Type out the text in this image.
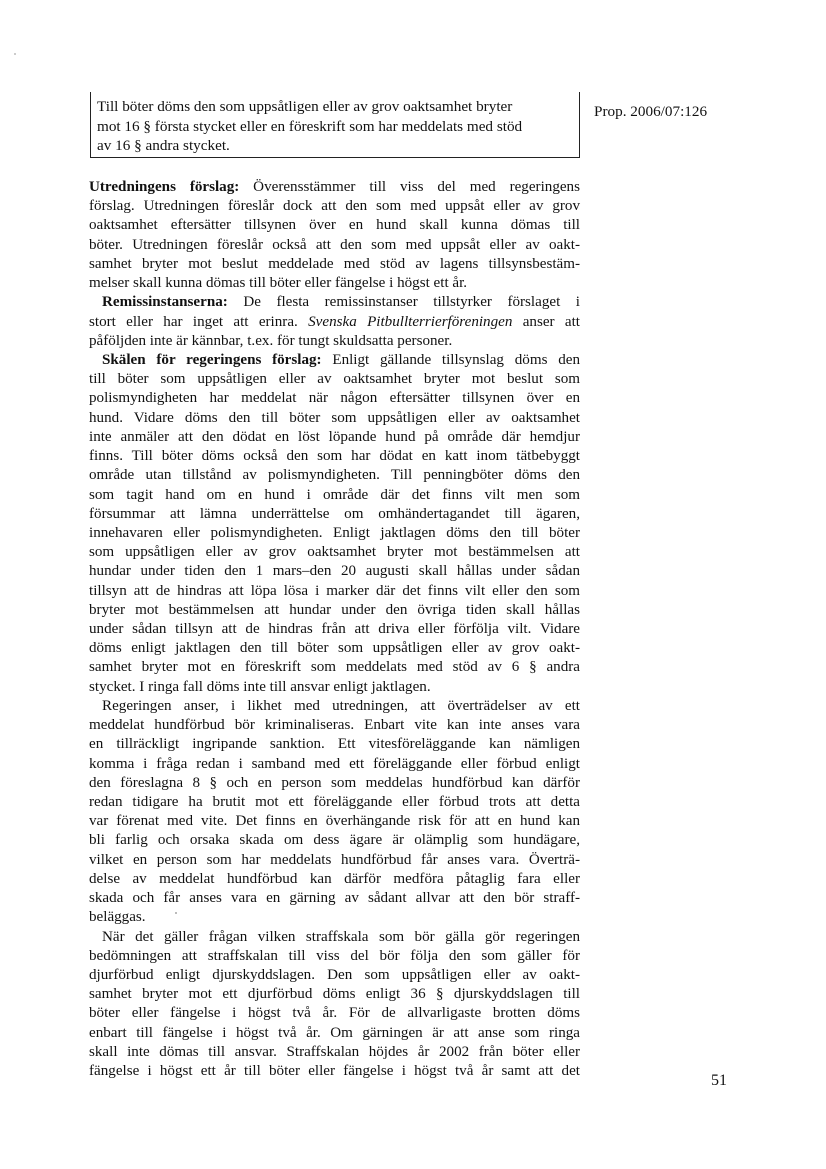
Till böter döms den som uppsåtligen eller av grov oaktsamhet bryter
mot 16 § första stycket eller en föreskrift som har meddelats med stöd
av 16 § andra stycket.
Prop. 2006/07:126
Utredningens förslag: Överensstämmer till viss del med regeringens
förslag. Utredningen föreslår dock att den som med uppsåt eller av grov
oaktsamhet eftersätter tillsynen över en hund skall kunna dömas till
böter. Utredningen föreslår också att den som med uppsåt eller av oakt-
samhet bryter mot beslut meddelade med stöd av lagens tillsynsbestäm-
melser skall kunna dömas till böter eller fängelse i högst ett år.
Remissinstanserna: De flesta remissinstanser tillstyrker förslaget i
stort eller har inget att erinra. Svenska Pitbullterrierföreningen anser att
påföljden inte är kännbar, t.ex. för tungt skuldsatta personer.
Skälen för regeringens förslag: Enligt gällande tillsynslag döms den
till böter som uppsåtligen eller av oaktsamhet bryter mot beslut som
polismyndigheten har meddelat när någon eftersätter tillsynen över en
hund. Vidare döms den till böter som uppsåtligen eller av oaktsamhet
inte anmäler att den dödat en löst löpande hund på område där hemdjur
finns. Till böter döms också den som har dödat en katt inom tätbebyggt
område utan tillstånd av polismyndigheten. Till penningböter döms den
som tagit hand om en hund i område där det finns vilt men som
försummar att lämna underrättelse om omhändertagandet till ägaren,
innehavaren eller polismyndigheten. Enligt jaktlagen döms den till böter
som uppsåtligen eller av grov oaktsamhet bryter mot bestämmelsen att
hundar under tiden den 1 mars–den 20 augusti skall hållas under sådan
tillsyn att de hindras att löpa lösa i marker där det finns vilt eller den som
bryter mot bestämmelsen att hundar under den övriga tiden skall hållas
under sådan tillsyn att de hindras från att driva eller förfölja vilt. Vidare
döms enligt jaktlagen den till böter som uppsåtligen eller av grov oakt-
samhet bryter mot en föreskrift som meddelats med stöd av 6 § andra
stycket. I ringa fall döms inte till ansvar enligt jaktlagen.
Regeringen anser, i likhet med utredningen, att överträdelser av ett
meddelat hundförbud bör kriminaliseras. Enbart vite kan inte anses vara
en tillräckligt ingripande sanktion. Ett vitesföreläggande kan nämligen
komma i fråga redan i samband med ett föreläggande eller förbud enligt
den föreslagna 8 § och en person som meddelas hundförbud kan därför
redan tidigare ha brutit mot ett föreläggande eller förbud trots att detta
var förenat med vite. Det finns en överhängande risk för att en hund kan
bli farlig och orsaka skada om dess ägare är olämplig som hundägare,
vilket en person som har meddelats hundförbud får anses vara. Överträ-
delse av meddelat hundförbud kan därför medföra påtaglig fara eller
skada och får anses vara en gärning av sådant allvar att den bör straff-
beläggas.
När det gäller frågan vilken straffskala som bör gälla gör regeringen
bedömningen att straffskalan till viss del bör följa den som gäller för
djurförbud enligt djurskyddslagen. Den som uppsåtligen eller av oakt-
samhet bryter mot ett djurförbud döms enligt 36 § djurskyddslagen till
böter eller fängelse i högst två år. För de allvarligaste brotten döms
enbart till fängelse i högst två år. Om gärningen är att anse som ringa
skall inte dömas till ansvar. Straffskalan höjdes år 2002 från böter eller
fängelse i högst ett år till böter eller fängelse i högst två år samt att det
51
